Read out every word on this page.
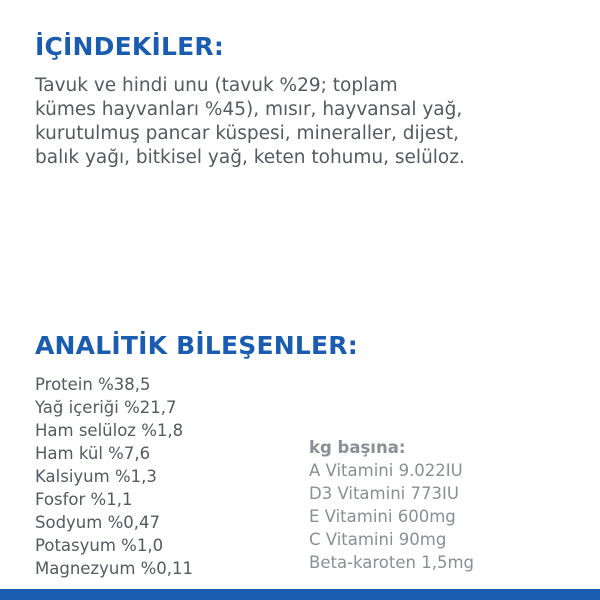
İÇİNDEKİLER:

Tavuk ve hindi unu (tavuk %29; toplam
kümes hayvanları %45), mısır, hayvansal yağ,
kurutulmuş pancar küspesi, mineraller, dijest,
balık yağı, bitkisel yağ, keten tohumu, selüloz.

ANALİTİK BİLEŞENLER:
Protein %38,5
Yağ içeriği %21,7
Ham selüloz %1,8
Ham kül %7,6
Kalsiyum %1,3
Fosfor %1,1
Sodyum %0,47
Potasyum %1,0
Magnezyum %0,11
kg başına:
A Vitamini 9.022IU
D3 Vitamini 773IU
E Vitamini 600mg
C Vitamini 90mg
Beta-karoten 1,5mg
